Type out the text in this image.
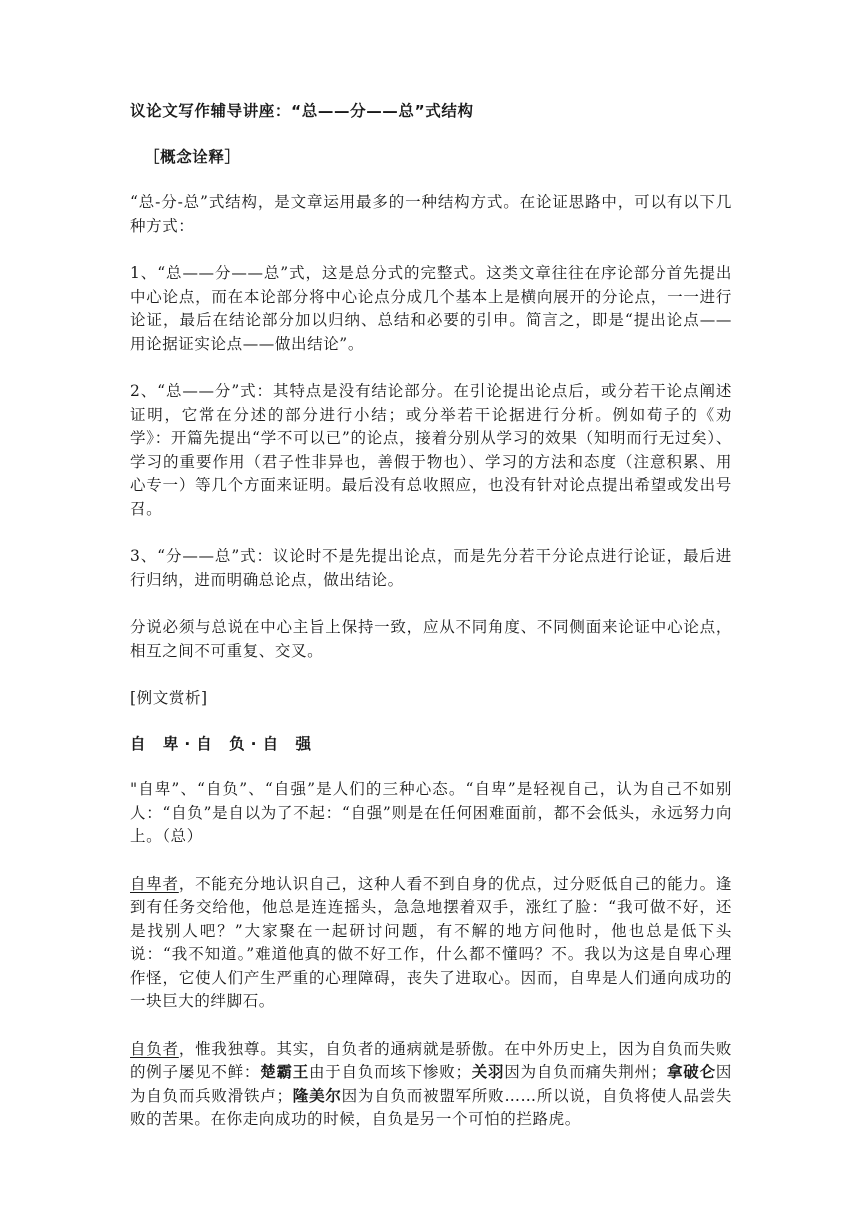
议论文写作辅导讲座：“总——分——总”式结构

［概念诠释］

“总-分-总”式结构，是文章运用最多的一种结构方式。在论证思路中，可以有以下几种方式：

1、“总——分——总”式，这是总分式的完整式。这类文章往往在序论部分首先提出中心论点，而在本论部分将中心论点分成几个基本上是横向展开的分论点，一一进行论证，最后在结论部分加以归纳、总结和必要的引申。简言之，即是“提出论点——用论据证实论点——做出结论”。

2、“总——分”式：其特点是没有结论部分。在引论提出论点后，或分若干论点阐述证明，它常在分述的部分进行小结；或分举若干论据进行分析。例如荀子的《劝学》：开篇先提出“学不可以已”的论点，接着分别从学习的效果（知明而行无过矣）、学习的重要作用（君子性非异也，善假于物也）、学习的方法和态度（注意积累、用心专一）等几个方面来证明。最后没有总收照应，也没有针对论点提出希望或发出号召。

3、“分——总”式：议论时不是先提出论点，而是先分若干分论点进行论证，最后进行归纳，进而明确总论点，做出结论。

分说必须与总说在中心主旨上保持一致，应从不同角度、不同侧面来论证中心论点，相互之间不可重复、交叉。

[例文赏析]

自 卑·自 负·自 强

"自卑”、“自负”、“自强”是人们的三种心态。“自卑”是轻视自己，认为自己不如别人：“自负”是自以为了不起：“自强”则是在任何困难面前，都不会低头，永远努力向上。（总）

自卑者，不能充分地认识自己，这种人看不到自身的优点，过分贬低自己的能力。逢到有任务交给他，他总是连连摇头，急急地摆着双手，涨红了脸：“我可做不好，还是找别人吧？”大家聚在一起研讨问题，有不解的地方问他时，他也总是低下头说：“我不知道。”难道他真的做不好工作，什么都不懂吗？不。我以为这是自卑心理作怪，它使人们产生严重的心理障碍，丧失了进取心。因而，自卑是人们通向成功的一块巨大的绊脚石。

自负者，惟我独尊。其实，自负者的通病就是骄傲。在中外历史上，因为自负而失败的例子屡见不鲜：楚霸王由于自负而垓下惨败；关羽因为自负而痛失荆州；拿破仑因为自负而兵败滑铁卢；隆美尔因为自负而被盟军所败……所以说，自负将使人品尝失败的苦果。在你走向成功的时候，自负是另一个可怕的拦路虎。
